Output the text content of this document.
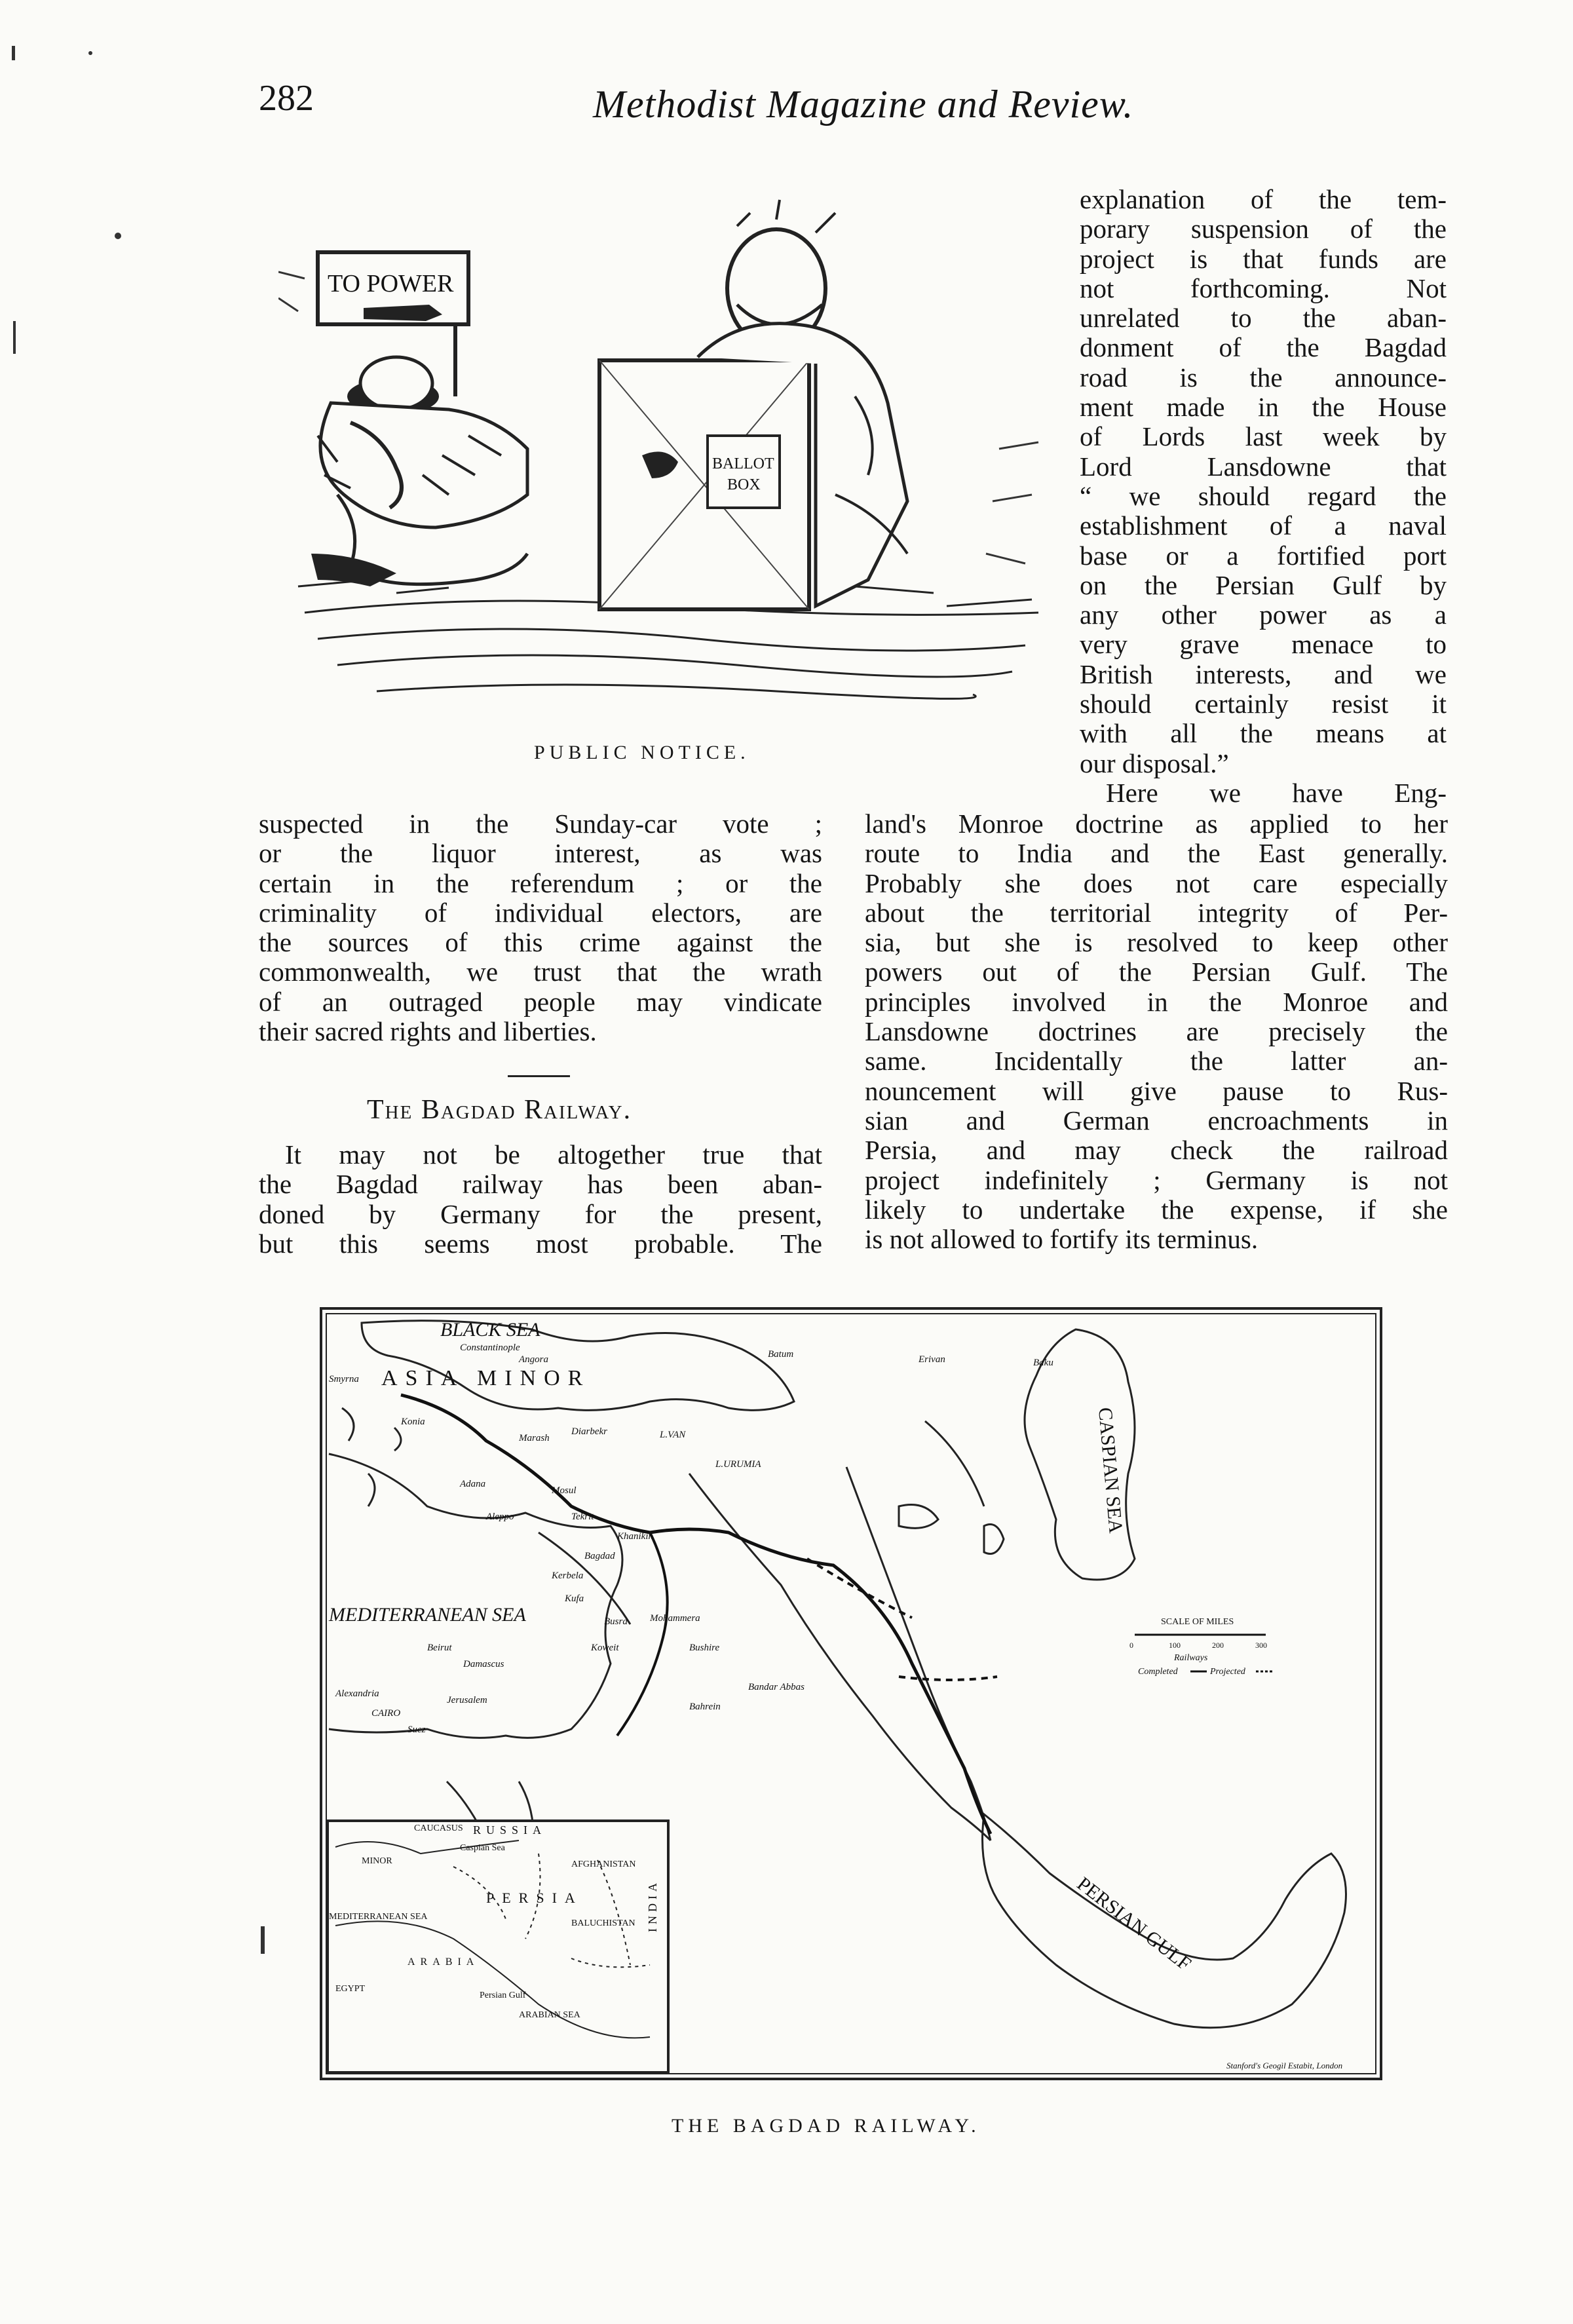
282	Methodist Magazine and Review.
TO POWER
BALLOT
BOX
PUBLIC NOTICE.
explanation of the tem-
porary suspension of the
project is that funds are
not forthcoming. Not
unrelated to the aban-
donment of the Bagdad
road is the announce-
ment made in the House
of Lords last week by
Lord Lansdowne that
“ we should regard the
establishment of a naval
base or a fortified port
on the Persian Gulf by
any other power as a
very grave menace to
British interests, and we
should certainly resist it
with all the means at
our disposal.”
Here we have Eng-
suspected in the Sunday-car vote ;
or the liquor interest, as was
certain in the referendum ; or the
criminality of individual electors, are
the sources of this crime against the
commonwealth, we trust that the wrath
of an outraged people may vindicate
their sacred rights and liberties.
The Bagdad Railway.
It may not be altogether true that
the Bagdad railway has been aban-
doned by Germany for the present,
but this seems most probable. The
land's Monroe doctrine as applied to her
route to India and the East generally.
Probably she does not care especially
about the territorial integrity of Per-
sia, but she is resolved to keep other
powers out of the Persian Gulf. The
principles involved in the Monroe and
Lansdowne doctrines are precisely the
same. Incidentally the latter an-
nouncement will give pause to Rus-
sian and German encroachments in
Persia, and may check the railroad
project indefinitely ; Germany is not
likely to undertake the expense, if she
is not allowed to fortify its terminus.
BLACK SEA
MEDITERRANEAN SEA
CASPIAN SEA
PERSIAN GULF
ASIA MINOR
Constantinople
Batum	Erivan	Baku
Angora
Smyrna
Konia
Adana
Marash
Diarbekr	L.VAN
L.URUMIA
Mosul
Aleppo
Beirut
Damascus
Jerusalem
Alexandria
CAIRO
Suez
Tekrit
Khanikin
Bagdad
Kerbela
Kufa
Busra Mohammera
Koweit	Bushire
Bahrein
Bandar Abbas
SCALE OF MILES
0	100	200	300
Railways
Completed	Projected
CAUCASUS RUSSIA
Caspian Sea
MINOR	AFGHANISTAN
PERSIA
BALUCHISTAN
MEDITERRANEAN SEA
ARABIA
EGYPT
Persian Gulf
ARABIAN SEA
INDIA
Stanford's Geogìl Estabìt, London
THE BAGDAD RAILWAY.
